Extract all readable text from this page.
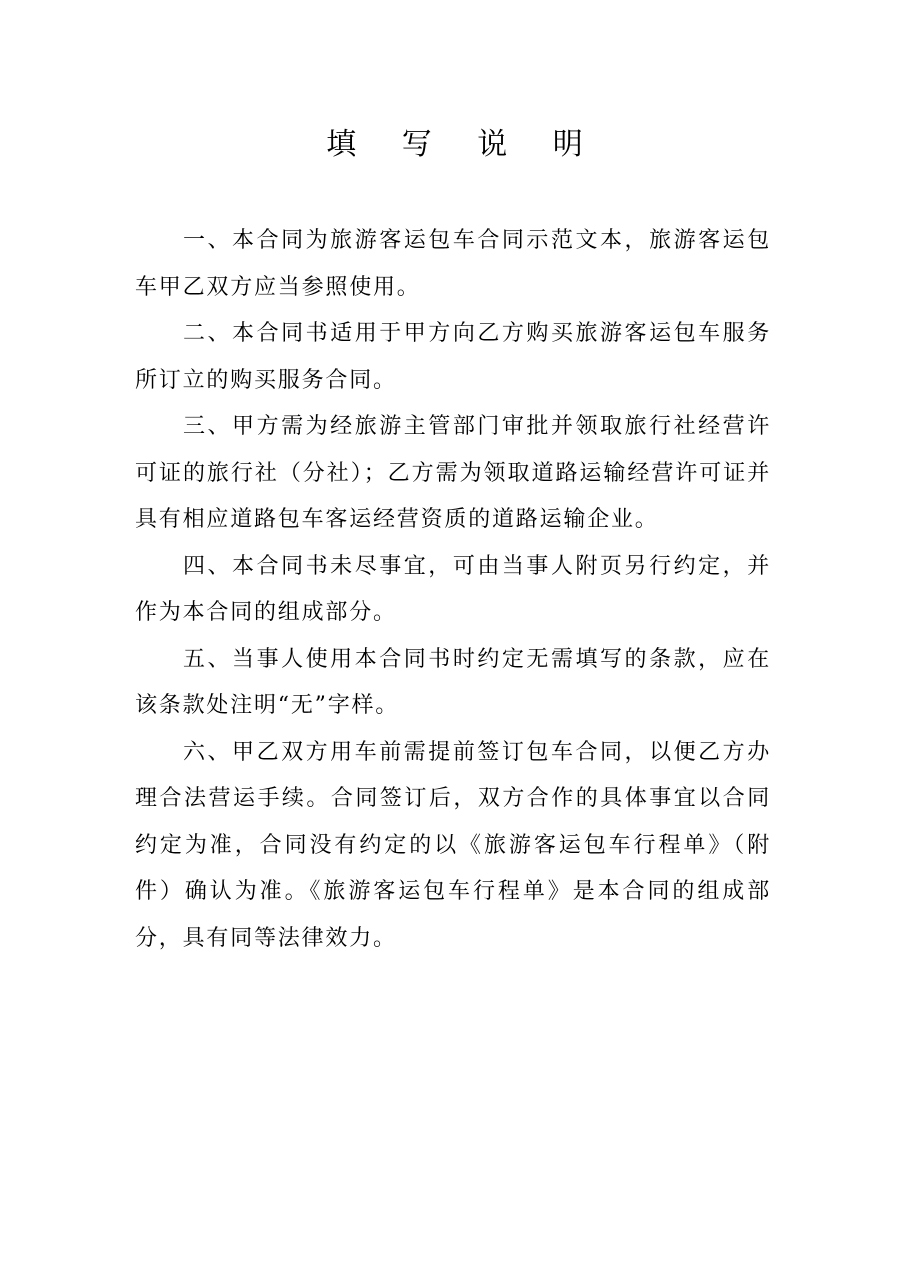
填 写 说 明

一、本合同为旅游客运包车合同示范文本，旅游客运包车甲乙双方应当参照使用。

二、本合同书适用于甲方向乙方购买旅游客运包车服务所订立的购买服务合同。

三、甲方需为经旅游主管部门审批并领取旅行社经营许可证的旅行社（分社）；乙方需为领取道路运输经营许可证并具有相应道路包车客运经营资质的道路运输企业。

四、本合同书未尽事宜，可由当事人附页另行约定，并作为本合同的组成部分。

五、当事人使用本合同书时约定无需填写的条款，应在该条款处注明“无”字样。

六、甲乙双方用车前需提前签订包车合同，以便乙方办理合法营运手续。合同签订后，双方合作的具体事宜以合同约定为准，合同没有约定的以《旅游客运包车行程单》（附件）确认为准。《旅游客运包车行程单》是本合同的组成部分，具有同等法律效力。
